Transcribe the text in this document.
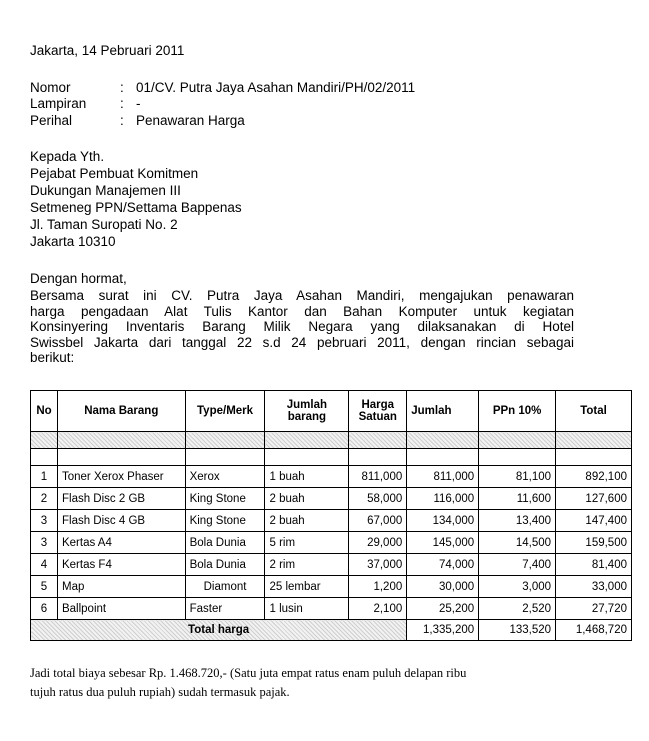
Jakarta, 14 Pebruari 2011
Nomor	: 01/CV. Putra Jaya Asahan Mandiri/PH/02/2011
Lampiran : -
Perihal	: Penawaran Harga
Kepada Yth.
Pejabat Pembuat Komitmen
Dukungan Manajemen III
Setmeneg PPN/Settama Bappenas
Jl. Taman Suropati No. 2
Jakarta 10310
Dengan hormat,
Bersama surat ini CV. Putra Jaya Asahan Mandiri, mengajukan penawaran
harga pengadaan Alat Tulis Kantor dan Bahan Komputer untuk kegiatan
Konsinyering Inventaris Barang Milik Negara yang dilaksanakan di Hotel
Swissbel Jakarta dari tanggal 22 s.d 24 pebruari 2011, dengan rincian sebagai
berikut:
No	Nama Barang	Type/Merk	Jumlah barang	Harga Satuan	Jumlah	PPn 10%	Total

1	Toner Xerox Phaser	Xerox	1 buah	811,000	811,000	81,100	892,100
2	Flash Disc 2 GB	King Stone	2 buah	58,000	116,000	11,600	127,600
3	Flash Disc 4 GB	King Stone	2 buah	67,000	134,000	13,400	147,400
3	Kertas A4	Bola Dunia	5 rim	29,000	145,000	14,500	159,500
4	Kertas F4	Bola Dunia	2 rim	37,000	74,000	7,400	81,400
5	Map	Diamont	25 lembar	1,200	30,000	3,000	33,000
6	Ballpoint	Faster	1 lusin	2,100	25,200	2,520	27,720
Total harga					1,335,200	133,520	1,468,720
Jadi total biaya sebesar Rp. 1.468.720,- (Satu juta empat ratus enam puluh delapan ribu
tujuh ratus dua puluh rupiah) sudah termasuk pajak.
